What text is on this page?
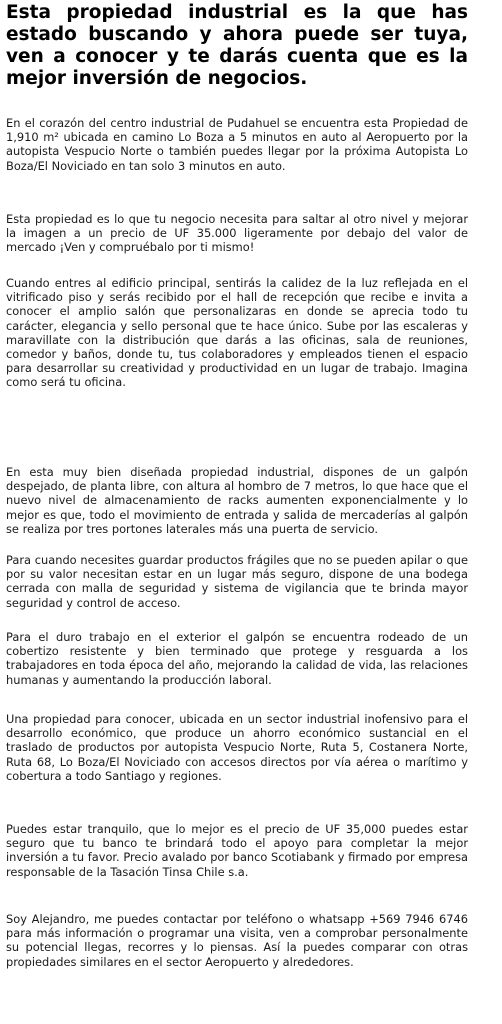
Esta propiedad industrial es la que has estado buscando y ahora puede ser tuya, ven a conocer y te darás cuenta que es la mejor inversión de negocios.

En el corazón del centro industrial de Pudahuel se encuentra esta Propiedad de 1,910 m² ubicada en camino Lo Boza a 5 minutos en auto al Aeropuerto por la autopista Vespucio Norte o también puedes llegar por la próxima Autopista Lo Boza/El Noviciado en tan solo 3 minutos en auto.

Esta propiedad es lo que tu negocio necesita para saltar al otro nivel y mejorar la imagen a un precio de UF 35.000 ligeramente por debajo del valor de mercado ¡Ven y compruébalo por ti mismo!

Cuando entres al edificio principal, sentirás la calidez de la luz reflejada en el vitrificado piso y serás recibido por el hall de recepción que recibe e invita a conocer el amplio salón que personalizaras en donde se aprecia todo tu carácter, elegancia y sello personal que te hace único. Sube por las escaleras y maravillate con la distribución que darás a las oficinas, sala de reuniones, comedor y baños, donde tu, tus colaboradores y empleados tienen el espacio para desarrollar su creatividad y productividad en un lugar de trabajo. Imagina como será tu oficina.

En esta muy bien diseñada propiedad industrial, dispones de un galpón despejado, de planta libre, con altura al hombro de 7 metros, lo que hace que el nuevo nivel de almacenamiento de racks aumenten exponencialmente y lo mejor es que, todo el movimiento de entrada y salida de mercaderías al galpón se realiza por tres portones laterales más una puerta de servicio.

Para cuando necesites guardar productos frágiles que no se pueden apilar o que por su valor necesitan estar en un lugar más seguro, dispone de una bodega cerrada con malla de seguridad y sistema de vigilancia que te brinda mayor seguridad y control de acceso.

Para el duro trabajo en el exterior el galpón se encuentra rodeado de un cobertizo resistente y bien terminado que protege y resguarda a los trabajadores en toda época del año, mejorando la calidad de vida, las relaciones humanas y aumentando la producción laboral.

Una propiedad para conocer, ubicada en un sector industrial inofensivo para el desarrollo económico, que produce un ahorro económico sustancial en el traslado de productos por autopista Vespucio Norte, Ruta 5, Costanera Norte, Ruta 68, Lo Boza/El Noviciado con accesos directos por vía aérea o marítimo y cobertura a todo Santiago y regiones.

Puedes estar tranquilo, que lo mejor es el precio de UF 35,000 puedes estar seguro que tu banco te brindará todo el apoyo para completar la mejor inversión a tu favor. Precio avalado por banco Scotiabank y firmado por empresa responsable de la Tasación Tinsa Chile s.a.

Soy Alejandro, me puedes contactar por teléfono o whatsapp +569 7946 6746 para más información o programar una visita, ven a comprobar personalmente su potencial llegas, recorres y lo piensas. Así la puedes comparar con otras propiedades similares en el sector Aeropuerto y alrededores.
